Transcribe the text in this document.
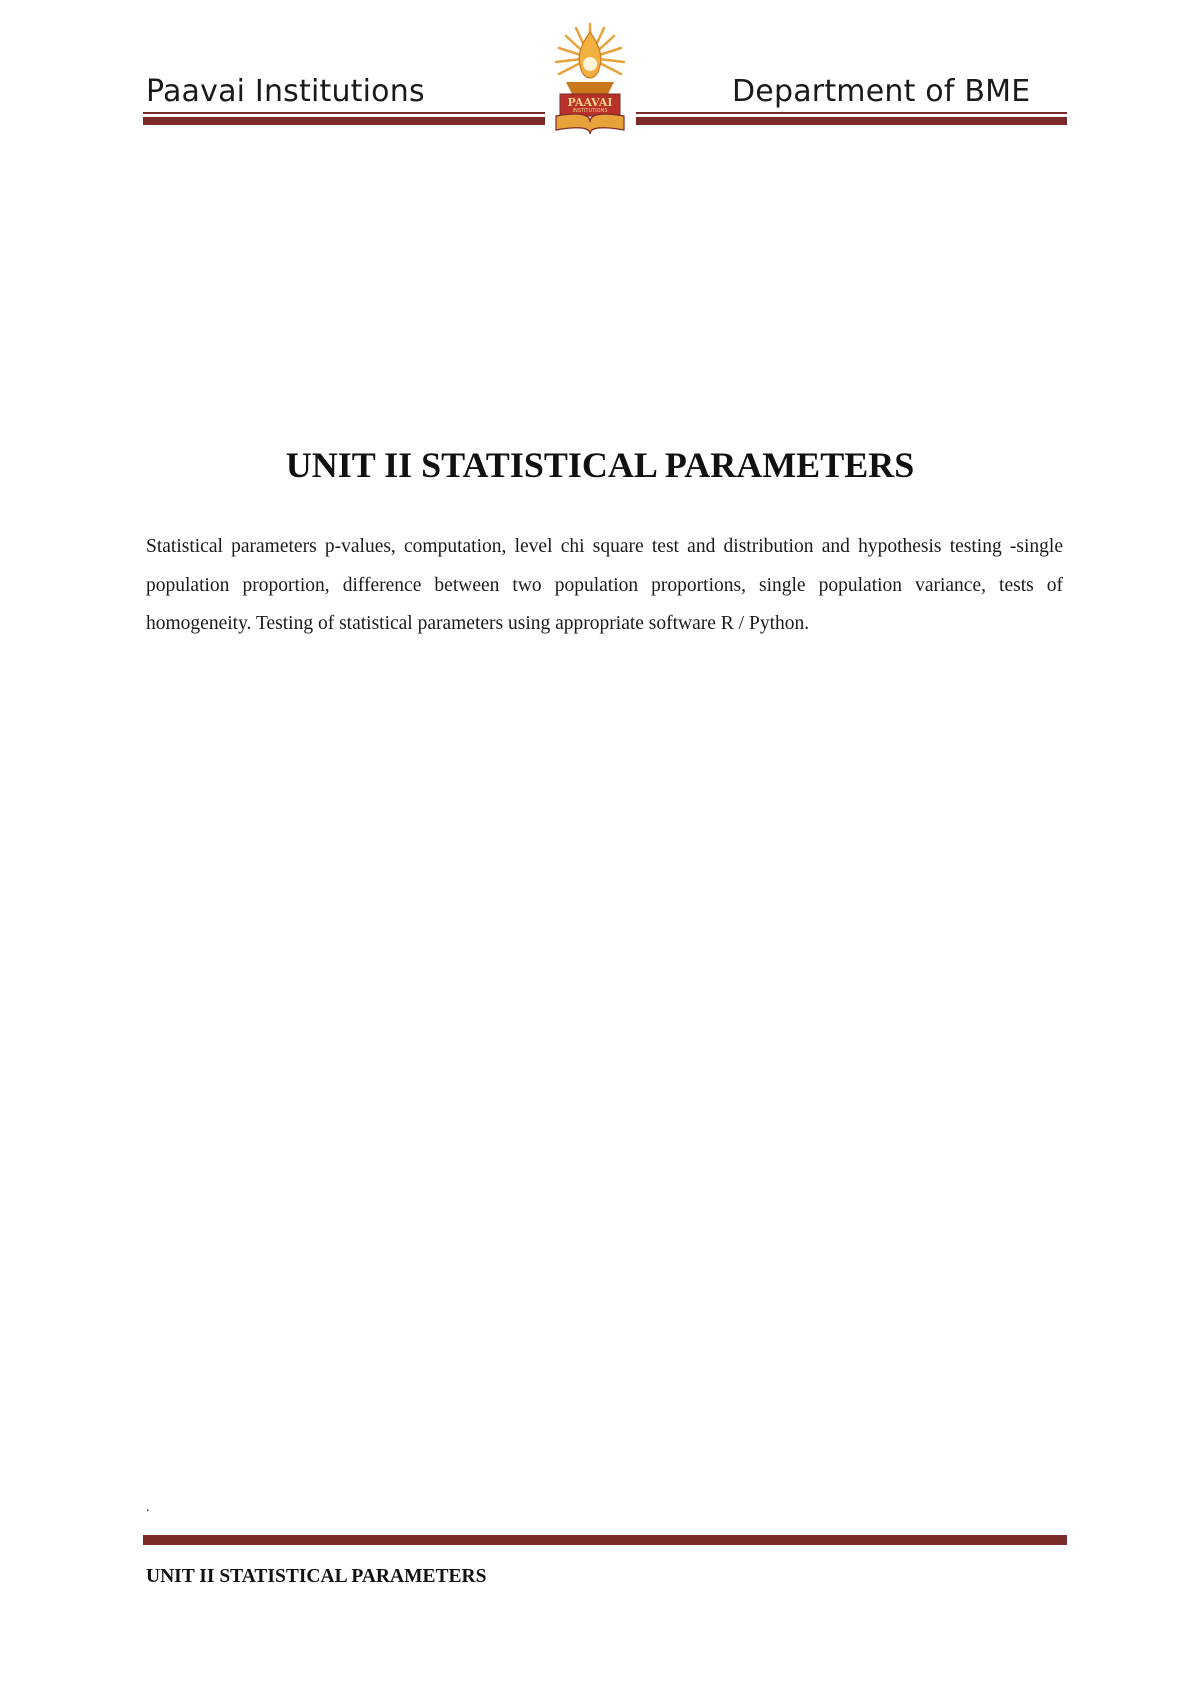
Paavai Institutions	Department of BME
PAAVAI
INSTITUTIONS
UNIT II STATISTICAL PARAMETERS
Statistical parameters p-values, computation, level chi square test and distribution and hypothesis testing -single population proportion, difference between two population proportions, single population variance, tests of homogeneity. Testing of statistical parameters using appropriate software R / Python.
.
UNIT II STATISTICAL PARAMETERS
